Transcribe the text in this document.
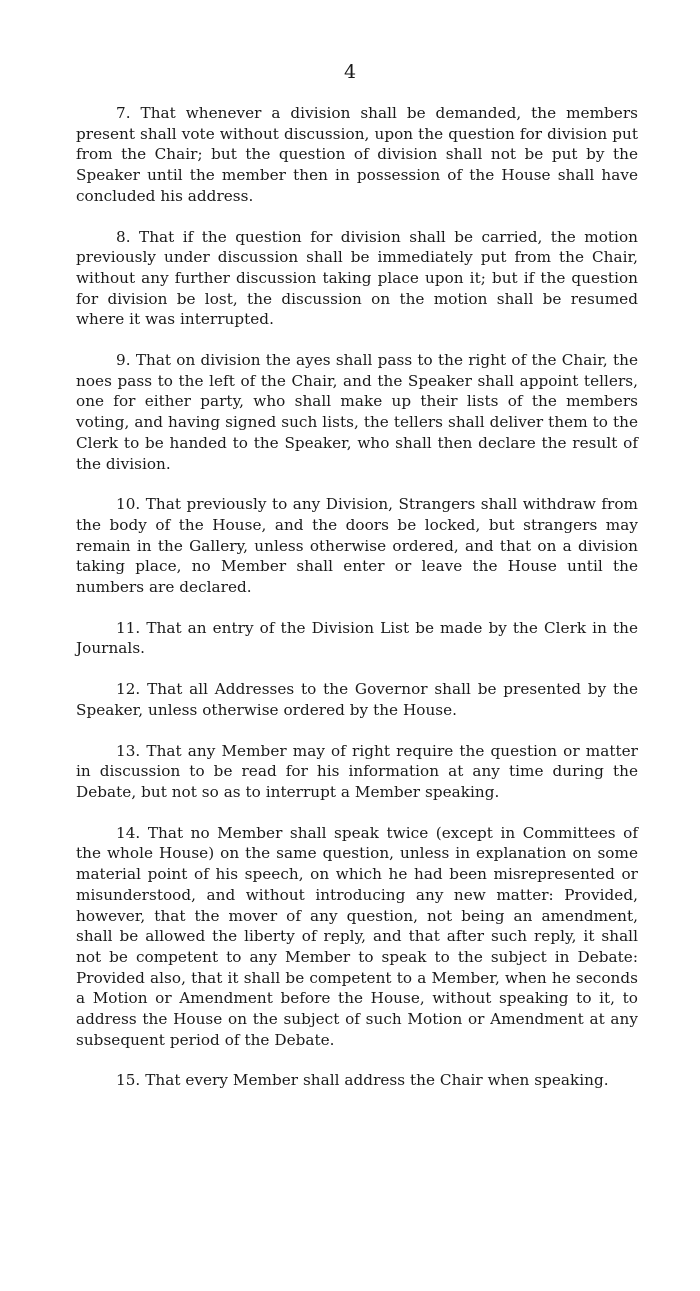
4

7. That whenever a division shall be demanded, the members present shall vote without discussion, upon the question for division put from the Chair; but the question of division shall not be put by the Speaker until the member then in possession of the House shall have concluded his address.

8. That if the question for division shall be carried, the motion previously under discussion shall be immediately put from the Chair, without any further discussion taking place upon it; but if the question for division be lost, the discussion on the motion shall be resumed where it was interrupted.

9. That on division the ayes shall pass to the right of the Chair, the noes pass to the left of the Chair, and the Speaker shall appoint tellers, one for either party, who shall make up their lists of the members voting, and having signed such lists, the tellers shall deliver them to the Clerk to be handed to the Speaker, who shall then declare the result of the division.

10. That previously to any Division, Strangers shall withdraw from the body of the House, and the doors be locked, but strangers may remain in the Gallery, unless otherwise ordered, and that on a division taking place, no Member shall enter or leave the House until the numbers are declared.

11. That an entry of the Division List be made by the Clerk in the Journals.

12. That all Addresses to the Governor shall be presented by the Speaker, unless otherwise ordered by the House.

13. That any Member may of right require the question or matter in discussion to be read for his information at any time during the Debate, but not so as to interrupt a Member speaking.

14. That no Member shall speak twice (except in Committees of the whole House) on the same question, unless in explanation on some material point of his speech, on which he had been misrepresented or misunderstood, and without introducing any new matter: Provided, however, that the mover of any question, not being an amendment, shall be allowed the liberty of reply, and that after such reply, it shall not be competent to any Member to speak to the subject in Debate: Provided also, that it shall be competent to a Member, when he seconds a Motion or Amendment before the House, without speaking to it, to address the House on the subject of such Motion or Amendment at any subsequent period of the Debate.

15. That every Member shall address the Chair when speaking.
